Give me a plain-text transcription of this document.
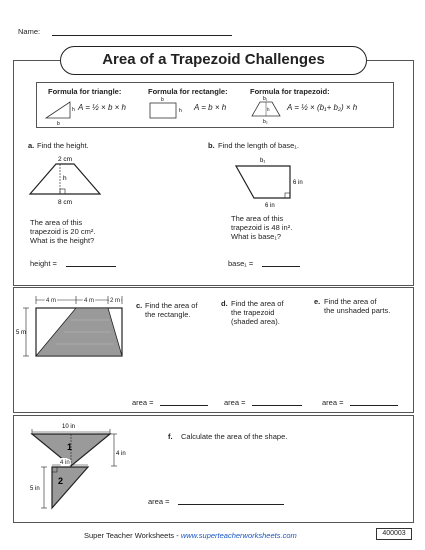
Name:
Area of a Trapezoid Challenges
Formula for triangle:
h
b
A = ½ × b × h
Formula for rectangle:
b
h A = b × h
Formula for trapezoid:
b₁
h
b₂
A = ½ × (b₁+ b₂) × h
a. Find the height.
2 cm
h
8 cm
The area of this
trapezoid is 20 cm².
What is the height?
height =
b. Find the length of base₁.
b₁
6 in
6 in
The area of this
trapezoid is 48 in².
What is base₁?
base₁ =
4 m	4 m	2 m
5 m
c. Find the area of
the rectangle.
d. Find the area of
the trapezoid
(shaded area).
e. Find the area of
the unshaded parts.
area =	area =	area =
10 in
1
4 in
4 in
2
5 in
f. Calculate the area of the shape.
area =
Super Teacher Worksheets - www.superteacherworksheets.com	400003
